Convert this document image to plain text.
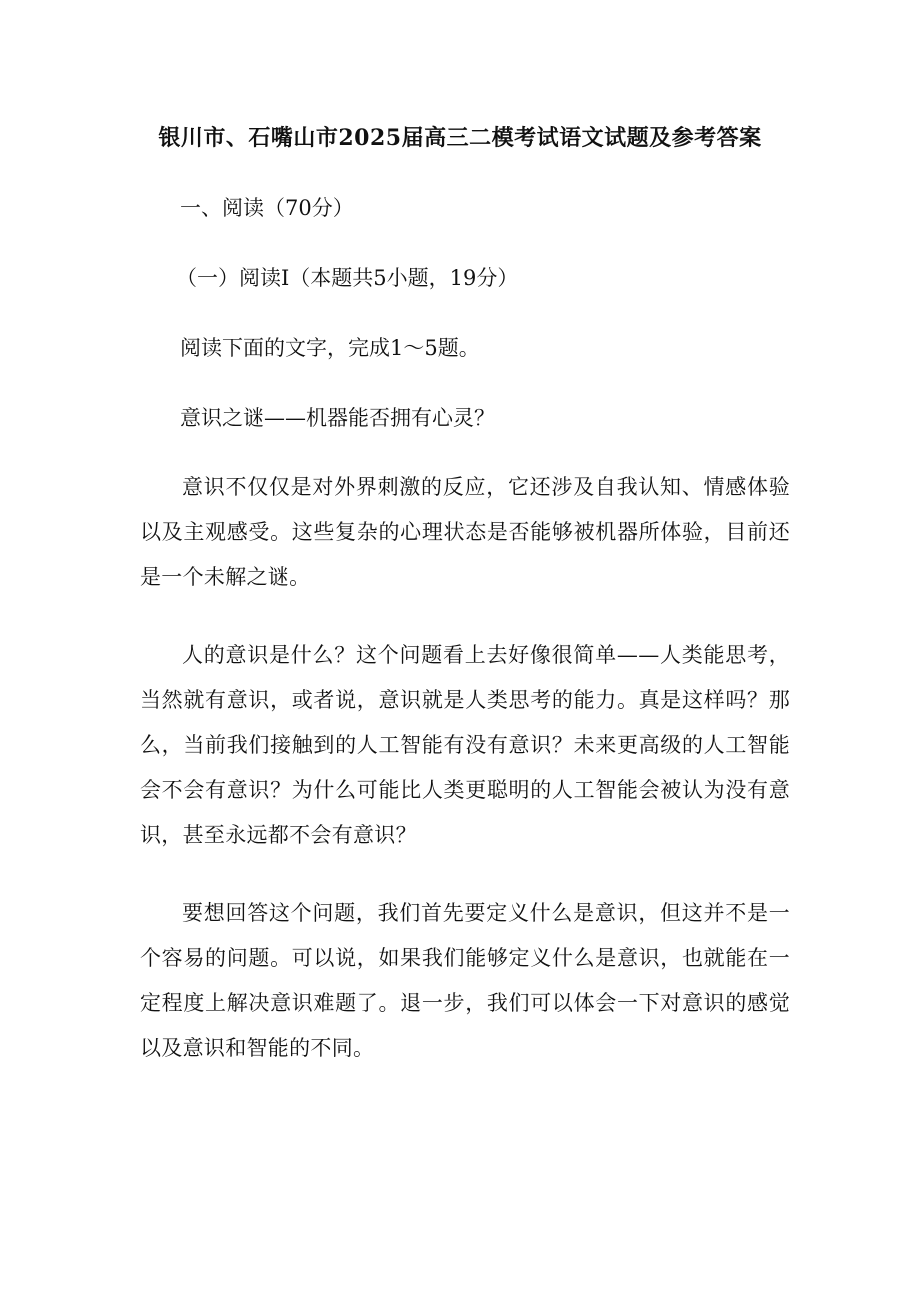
银川市、石嘴山市2025届高三二模考试语文试题及参考答案
一、阅读（70分）
（一）阅读Ⅰ（本题共5小题，19分）
阅读下面的文字，完成1～5题。
意识之谜——机器能否拥有心灵？
意识不仅仅是对外界刺激的反应，它还涉及自我认知、情感体验以及主观感受。这些复杂的心理状态是否能够被机器所体验，目前还是一个未解之谜。
人的意识是什么？这个问题看上去好像很简单——人类能思考，当然就有意识，或者说，意识就是人类思考的能力。真是这样吗？那么，当前我们接触到的人工智能有没有意识？未来更高级的人工智能会不会有意识？为什么可能比人类更聪明的人工智能会被认为没有意识，甚至永远都不会有意识？
要想回答这个问题，我们首先要定义什么是意识，但这并不是一个容易的问题。可以说，如果我们能够定义什么是意识，也就能在一定程度上解决意识难题了。退一步，我们可以体会一下对意识的感觉以及意识和智能的不同。
